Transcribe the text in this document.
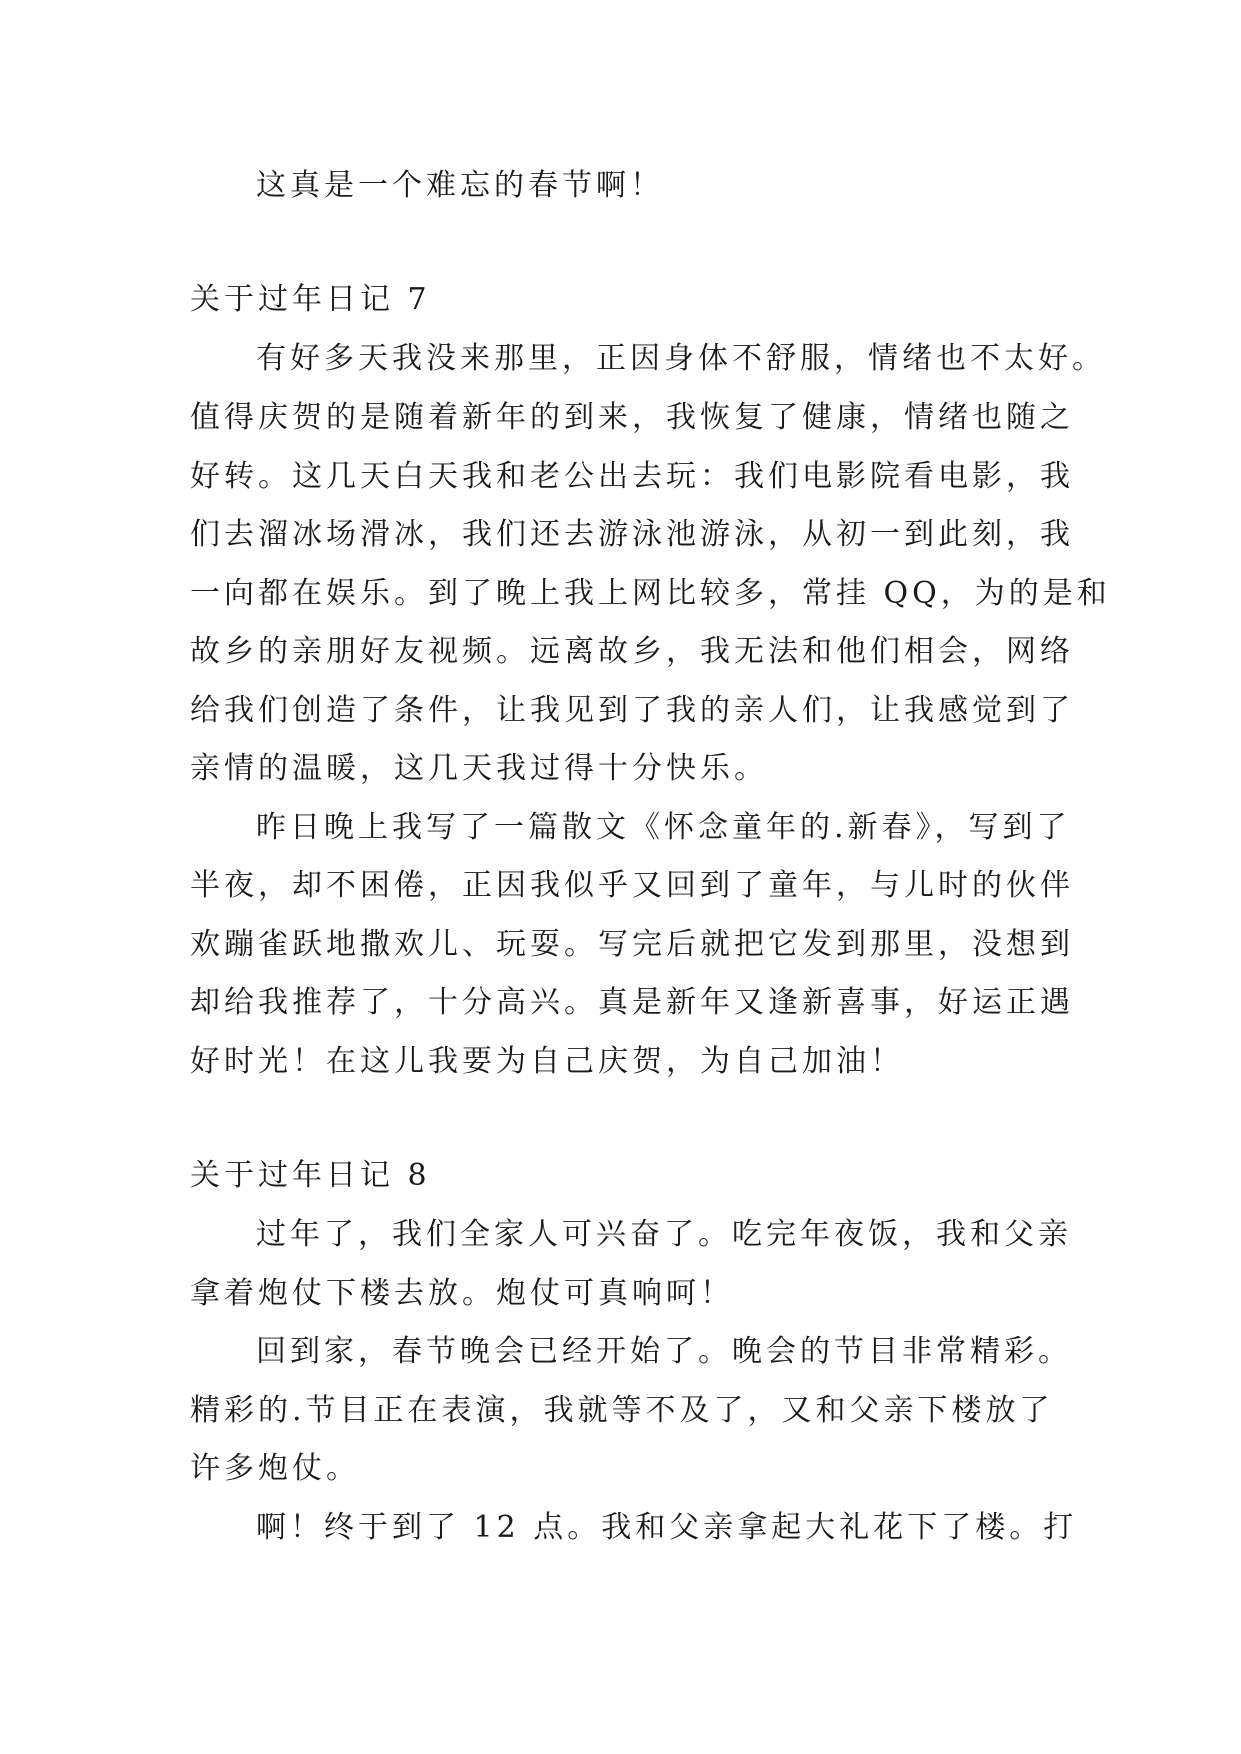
这真是一个难忘的春节啊！
关于过年日记 7
有好多天我没来那里，正因身体不舒服，情绪也不太好。
值得庆贺的是随着新年的到来，我恢复了健康，情绪也随之
好转。这几天白天我和老公出去玩：我们电影院看电影，我
们去溜冰场滑冰，我们还去游泳池游泳，从初一到此刻，我
一向都在娱乐。到了晚上我上网比较多，常挂 QQ，为的是和
故乡的亲朋好友视频。远离故乡，我无法和他们相会，网络
给我们创造了条件，让我见到了我的亲人们，让我感觉到了
亲情的温暖，这几天我过得十分快乐。
昨日晚上我写了一篇散文《怀念童年的.新春》，写到了
半夜，却不困倦，正因我似乎又回到了童年，与儿时的伙伴
欢蹦雀跃地撒欢儿、玩耍。写完后就把它发到那里，没想到
却给我推荐了，十分高兴。真是新年又逢新喜事，好运正遇
好时光！在这儿我要为自己庆贺，为自己加油！
关于过年日记 8
过年了，我们全家人可兴奋了。吃完年夜饭，我和父亲
拿着炮仗下楼去放。炮仗可真响呵！
回到家，春节晚会已经开始了。晚会的节目非常精彩。
精彩的.节目正在表演，我就等不及了，又和父亲下楼放了
许多炮仗。
啊！终于到了 12 点。我和父亲拿起大礼花下了楼。打
